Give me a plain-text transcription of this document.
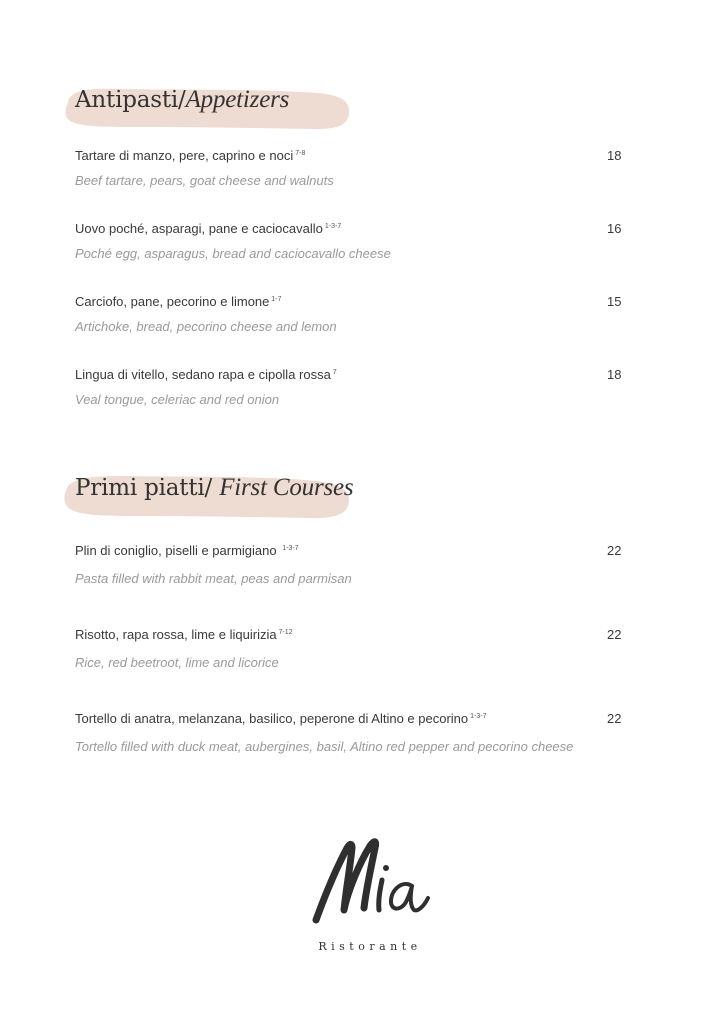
Antipasti/Appetizers
Tartare di manzo, pere, caprino e noci $^{7-8}$	18
Beef tartare, pears, goat cheese and walnuts
Uovo poché, asparagi, pane e caciocavallo $^{1-3-7}$	16
Poché egg, asparagus, bread and caciocavallo cheese
Carciofo, pane, pecorino e limone $^{1-7}$	15
Artichoke, bread, pecorino cheese and lemon
Lingua di vitello, sedano rapa e cipolla rossa $^7$	18
Veal tongue, celeriac and red onion
Primi piatti/ First Courses
Plin di coniglio, piselli e parmigiano $^{1-3-7}$	22
Pasta filled with rabbit meat, peas and parmisan
Risotto, rapa rossa, lime e liquirizia $^{7-12}$	22
Rice, red beetroot, lime and licorice
Tortello di anatra, melanzana, basilico, peperone di Altino e pecorino $^{1-3-7}$	22
Tortello filled with duck meat, aubergines, basil, Altino red pepper and pecorino cheese
Ristorante
